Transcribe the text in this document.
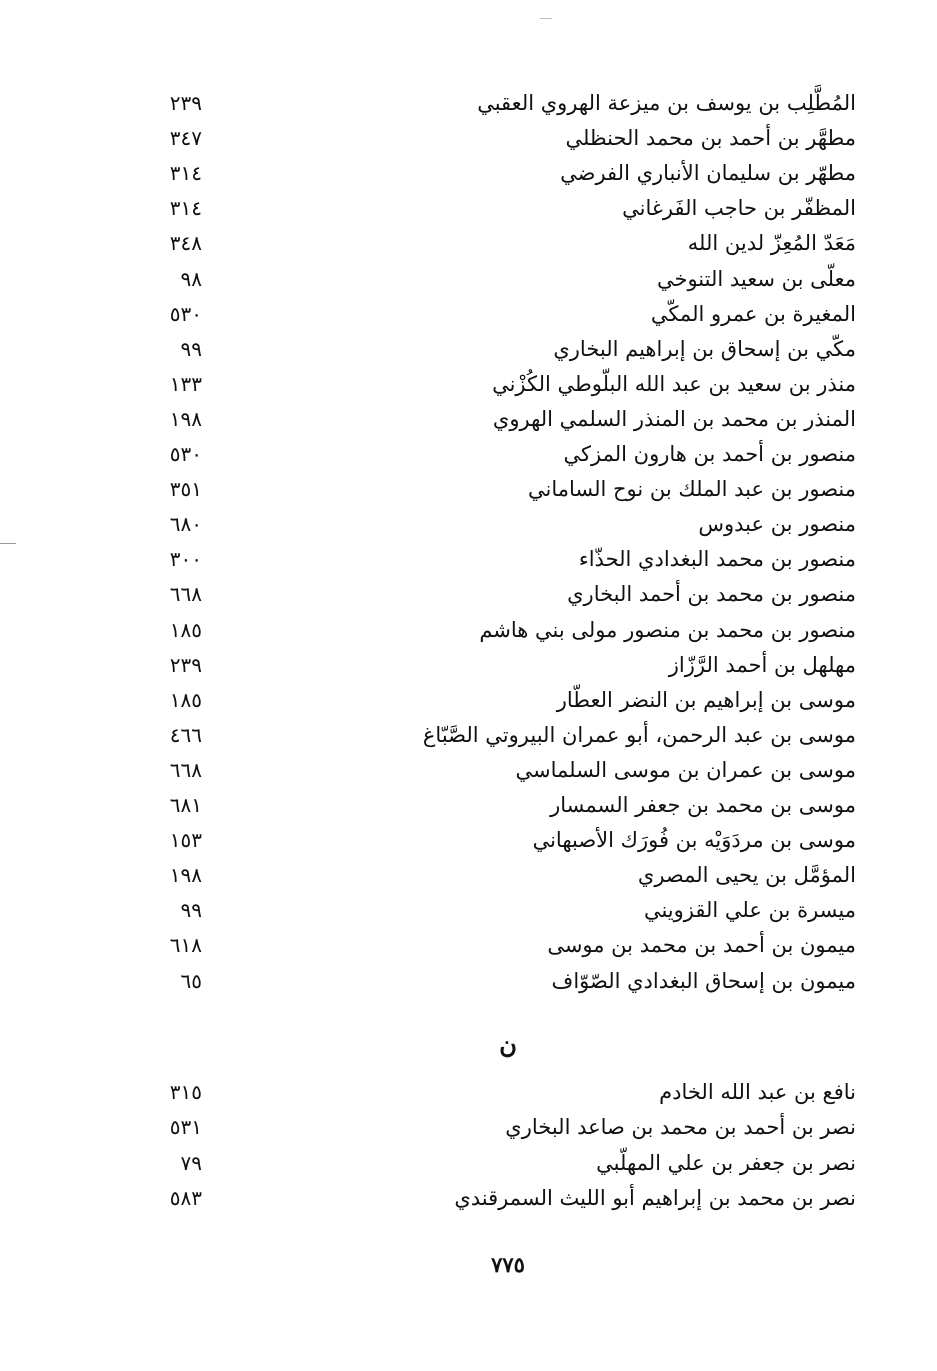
المُطَّلِب بن يوسف بن ميزعة الهروي العقبي
٢٣٩
مطهَّر بن أحمد بن محمد الحنظلي
٣٤٧
مطهّر بن سليمان الأنباري الفرضي
٣١٤
المظفّر بن حاجب الفَرغاني
٣١٤
مَعَدّ المُعِزّ لدين الله
٣٤٨
معلّى بن سعيد التنوخي
٩٨
المغيرة بن عمرو المكّي
٥٣٠
مكّي بن إسحاق بن إبراهيم البخاري
٩٩
منذر بن سعيد بن عبد الله البلّوطي الكُزْني
١٣٣
المنذر بن محمد بن المنذر السلمي الهروي
١٩٨
منصور بن أحمد بن هارون المزكي
٥٣٠
منصور بن عبد الملك بن نوح الساماني
٣٥١
منصور بن عبدوس
٦٨٠
منصور بن محمد البغدادي الحذّاء
٣٠٠
منصور بن محمد بن أحمد البخاري
٦٦٨
منصور بن محمد بن منصور مولى بني هاشم
١٨٥
مهلهل بن أحمد الرَّزّاز
٢٣٩
موسى بن إبراهيم بن النضر العطّار
١٨٥
موسى بن عبد الرحمن، أبو عمران البيروتي الصَّبّاغ
٤٦٦
موسى بن عمران بن موسى السلماسي
٦٦٨
موسى بن محمد بن جعفر السمسار
٦٨١
موسى بن مردَوَيْه بن فُورَك الأصبهاني
١٥٣
المؤمَّل بن يحيى المصري
١٩٨
ميسرة بن علي القزويني
٩٩
ميمون بن أحمد بن محمد بن موسى
٦١٨
ميمون بن إسحاق البغدادي الصّوّاف
٦٥
ن
نافع بن عبد الله الخادم
٣١٥
نصر بن أحمد بن محمد بن صاعد البخاري
٥٣١
نصر بن جعفر بن علي المهلّبي
٧٩
نصر بن محمد بن إبراهيم أبو الليث السمرقندي
٥٨٣
٧٧٥
